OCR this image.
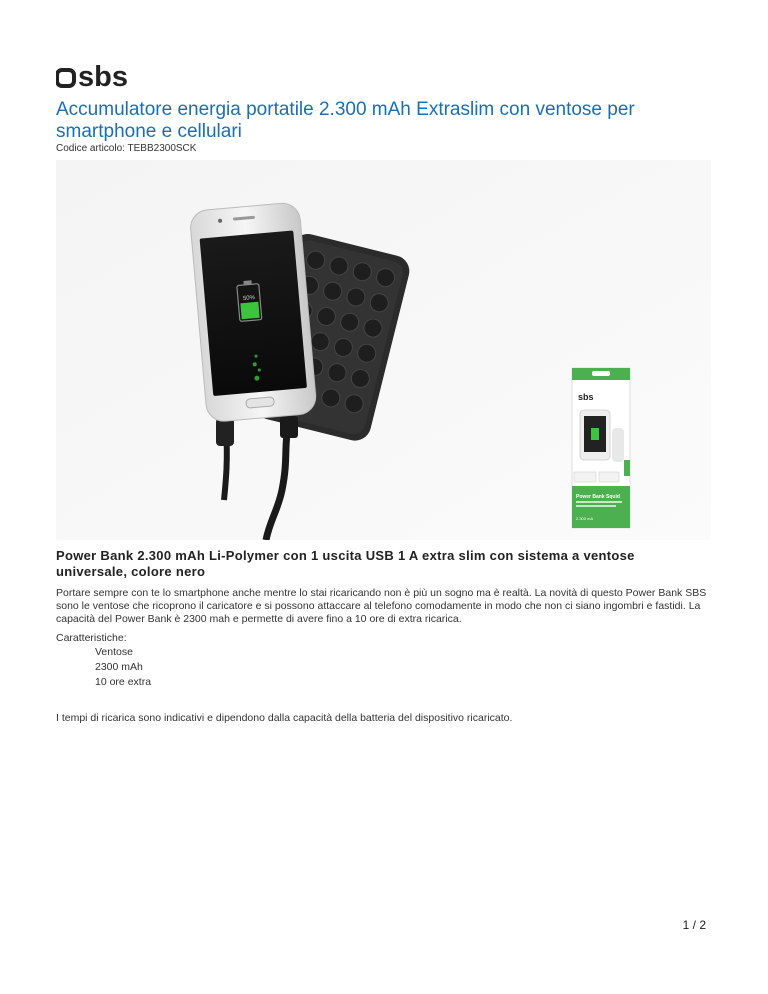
sbs
Accumulatore energia portatile 2.300 mAh Extraslim con ventose per smartphone e cellulari
Codice articolo: TEBB2300SCK
50%
sbs
Power Bank Squid
2.300 mA
Power Bank 2.300 mAh Li-Polymer con 1 uscita USB 1 A extra slim con sistema a ventose universale, colore nero

Portare sempre con te lo smartphone anche mentre lo stai ricaricando non è più un sogno ma è realtà. La novità di questo Power Bank SBS sono le ventose che ricoprono il caricatore e si possono attaccare al telefono comodamente in modo che non ci siano ingombri e fastidi. La capacità del Power Bank è 2300 mah e permette di avere fino a 10 ore di extra ricarica.

Caratteristiche:
Ventose
2300 mAh
10 ore extra

I tempi di ricarica sono indicativi e dipendono dalla capacità della batteria del dispositivo ricaricato.

1 / 2
